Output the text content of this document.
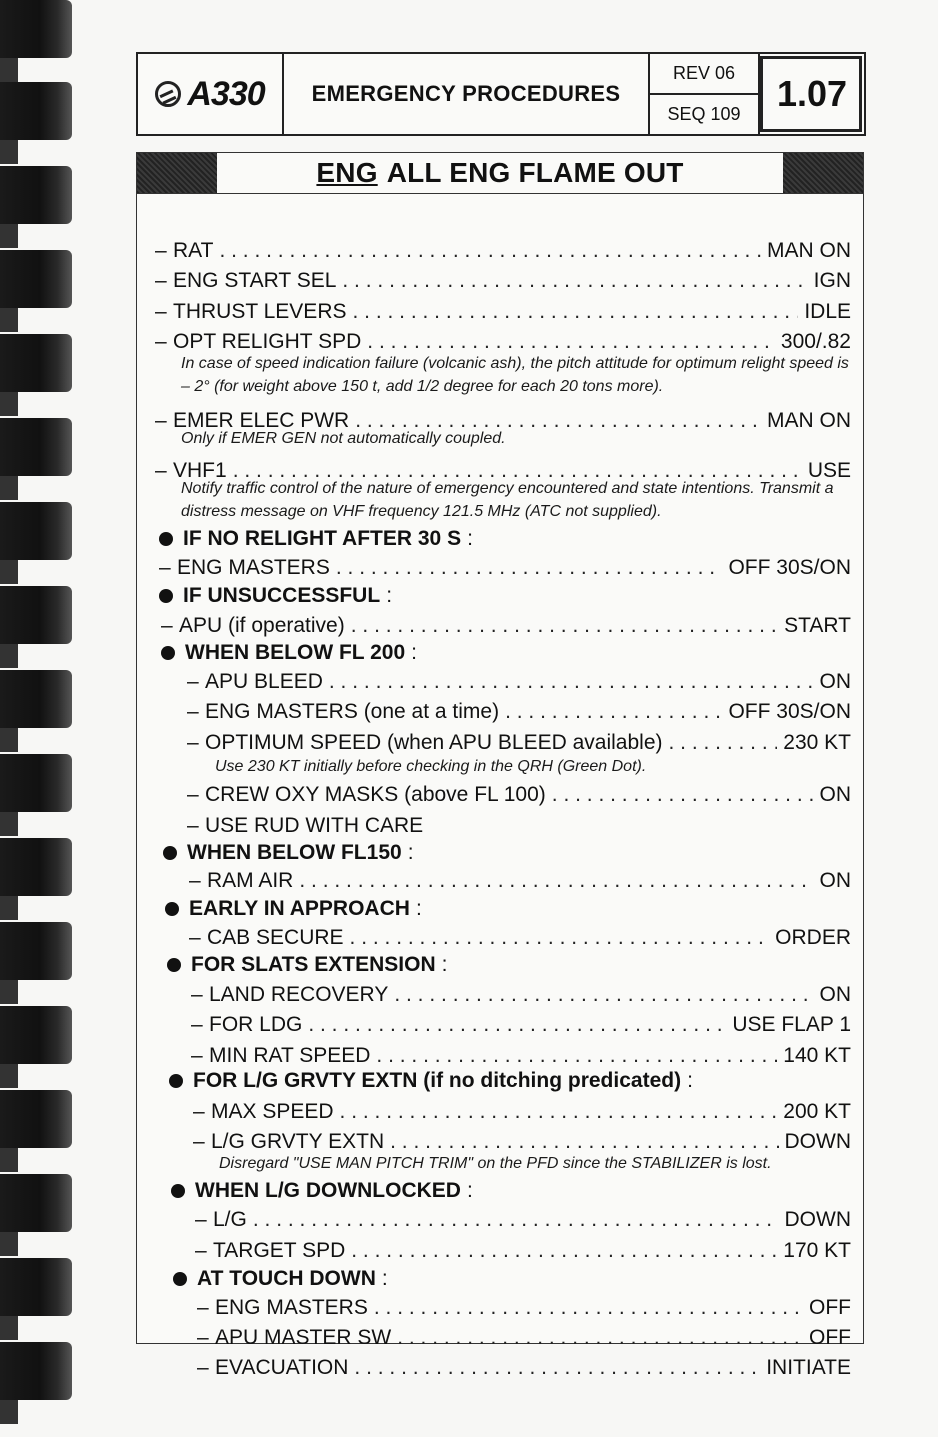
A330	EMERGENCY PROCEDURES
REV 06
SEQ 109	1.07
ENG ALL ENG FLAME OUT
– RAT . . .	MAN ON
– ENG START SEL . . .	IGN
– THRUST LEVERS . . .	IDLE
– OPT RELIGHT SPD . . .	300/.82
In case of speed indication failure (volcanic ash), the pitch attitude for optimum relight speed is – 2° (for weight above 150 t, add 1/2 degree for each 20 tons more).
– EMER ELEC PWR . . .	MAN ON
Only if EMER GEN not automatically coupled.
– VHF1 . . .	USE
Notify traffic control of the nature of emergency encountered and state intentions. Transmit a distress message on VHF frequency 121.5 MHz (ATC not supplied).
IF NO RELIGHT AFTER 30 S :
– ENG MASTERS . . .	OFF 30S/ON
IF UNSUCCESSFUL :
– APU (if operative) . . .	START
WHEN BELOW FL 200 :
– APU BLEED . . .	ON
– ENG MASTERS (one at a time) . . .	OFF 30S/ON
– OPTIMUM SPEED (when APU BLEED available) . . .	230 KT
Use 230 KT initially before checking in the QRH (Green Dot).
– CREW OXY MASKS (above FL 100) . . .	ON
– USE RUD WITH CARE
WHEN BELOW FL150 :
– RAM AIR . . .	ON
EARLY IN APPROACH :
– CAB SECURE . . .	ORDER
FOR SLATS EXTENSION :
– LAND RECOVERY . . .	ON
– FOR LDG . . .	USE FLAP 1
– MIN RAT SPEED . . .	140 KT
FOR L/G GRVTY EXTN (if no ditching predicated) :
– MAX SPEED . . .	200 KT
– L/G GRVTY EXTN . . .	DOWN
Disregard "USE MAN PITCH TRIM" on the PFD since the STABILIZER is lost.
WHEN L/G DOWNLOCKED :
– L/G . . .	DOWN
– TARGET SPD . . .	170 KT
AT TOUCH DOWN :
– ENG MASTERS . . .	OFF
– APU MASTER SW . . .	OFF
– EVACUATION . . .	INITIATE
